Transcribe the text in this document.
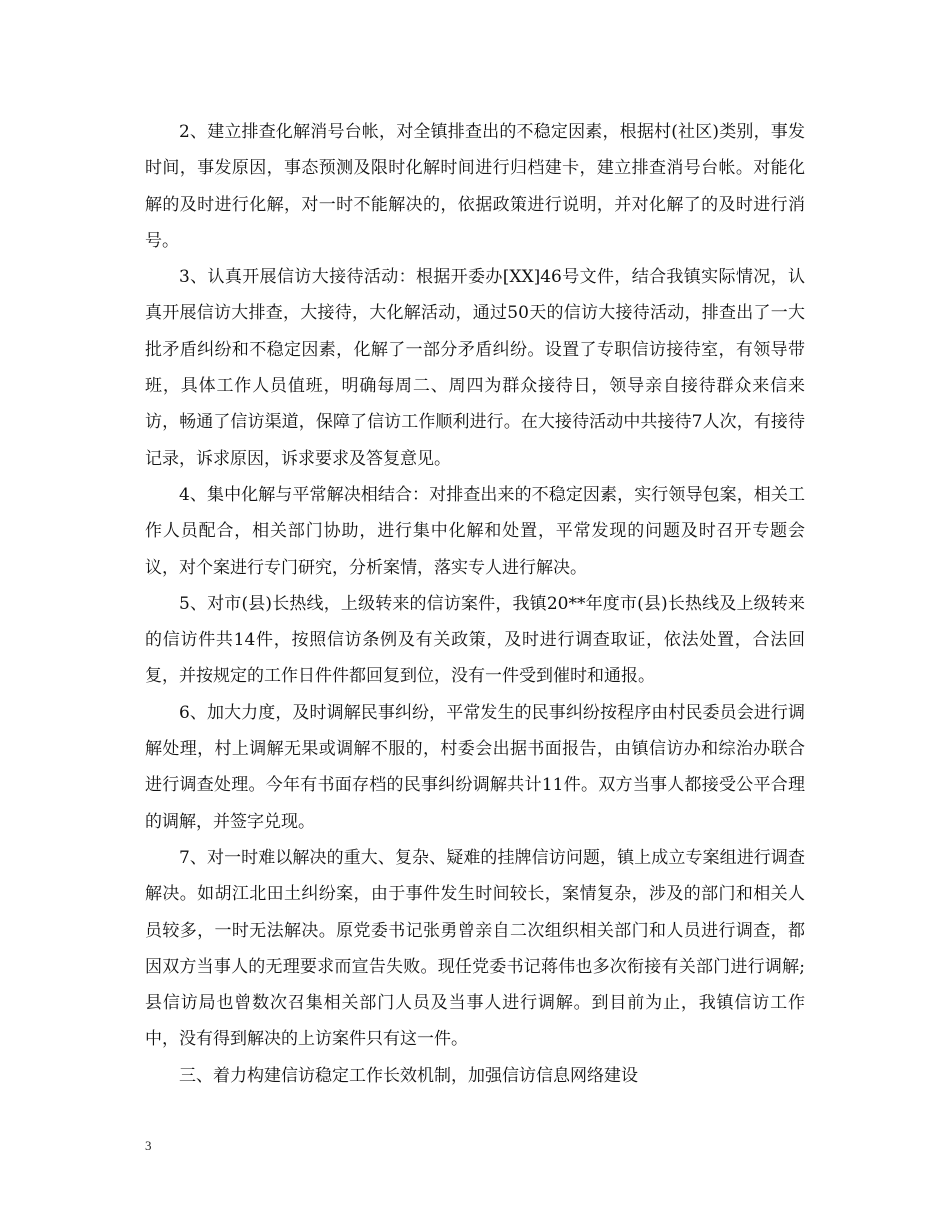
2、建立排查化解消号台帐，对全镇排查出的不稳定因素，根据村(社区)类别，事发时间，事发原因，事态预测及限时化解时间进行归档建卡，建立排查消号台帐。对能化解的及时进行化解，对一时不能解决的，依据政策进行说明，并对化解了的及时进行消号。

3、认真开展信访大接待活动：根据开委办[XX]46号文件，结合我镇实际情况，认真开展信访大排查，大接待，大化解活动，通过50天的信访大接待活动，排查出了一大批矛盾纠纷和不稳定因素，化解了一部分矛盾纠纷。设置了专职信访接待室，有领导带班，具体工作人员值班，明确每周二、周四为群众接待日，领导亲自接待群众来信来访，畅通了信访渠道，保障了信访工作顺利进行。在大接待活动中共接待7人次，有接待记录，诉求原因，诉求要求及答复意见。

4、集中化解与平常解决相结合：对排查出来的不稳定因素，实行领导包案，相关工作人员配合，相关部门协助，进行集中化解和处置，平常发现的问题及时召开专题会议，对个案进行专门研究，分析案情，落实专人进行解决。

5、对市(县)长热线，上级转来的信访案件，我镇20**年度市(县)长热线及上级转来的信访件共14件，按照信访条例及有关政策，及时进行调查取证，依法处置，合法回复，并按规定的工作日件件都回复到位，没有一件受到催时和通报。

6、加大力度，及时调解民事纠纷，平常发生的民事纠纷按程序由村民委员会进行调解处理，村上调解无果或调解不服的，村委会出据书面报告，由镇信访办和综治办联合进行调查处理。今年有书面存档的民事纠纷调解共计11件。双方当事人都接受公平合理的调解，并签字兑现。

7、对一时难以解决的重大、复杂、疑难的挂牌信访问题，镇上成立专案组进行调查解决。如胡江北田土纠纷案，由于事件发生时间较长，案情复杂，涉及的部门和相关人员较多，一时无法解决。原党委书记张勇曾亲自二次组织相关部门和人员进行调查，都因双方当事人的无理要求而宣告失败。现任党委书记蒋伟也多次衔接有关部门进行调解;县信访局也曾数次召集相关部门人员及当事人进行调解。到目前为止，我镇信访工作中，没有得到解决的上访案件只有这一件。

三、着力构建信访稳定工作长效机制，加强信访信息网络建设

3
